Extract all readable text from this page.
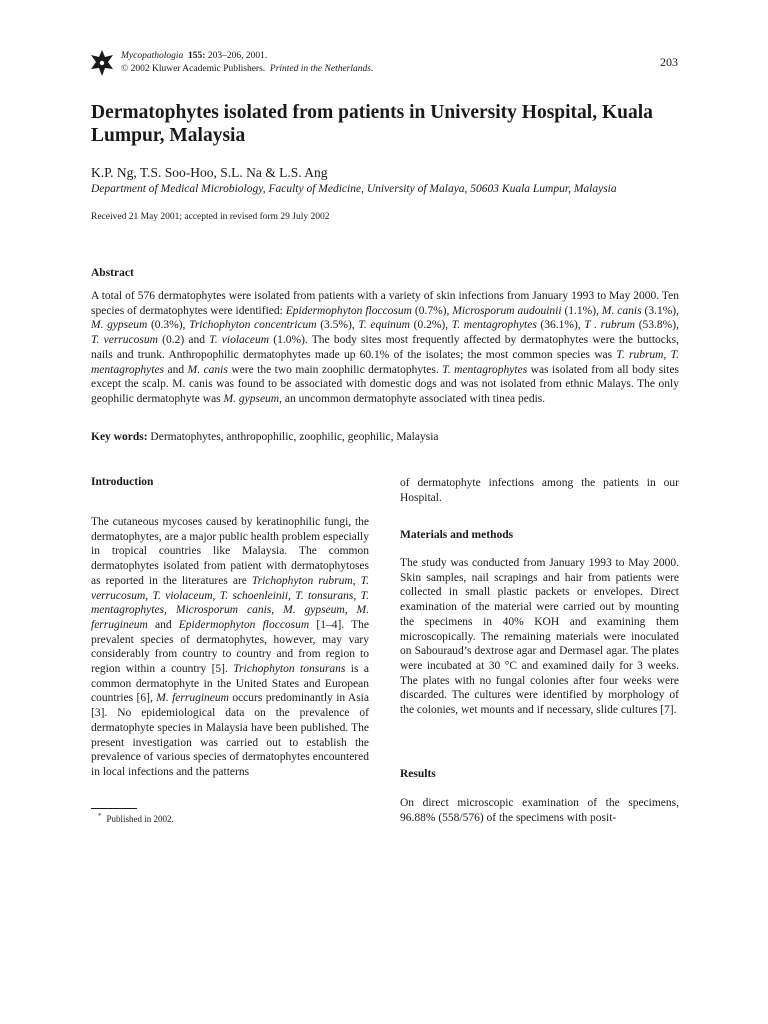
Mycopathologia 155: 203–206, 2001.
© 2002 Kluwer Academic Publishers. Printed in the Netherlands.	203
Dermatophytes isolated from patients in University Hospital, Kuala Lumpur, Malaysia
K.P. Ng, T.S. Soo-Hoo, S.L. Na & L.S. Ang
Department of Medical Microbiology, Faculty of Medicine, University of Malaya, 50603 Kuala Lumpur, Malaysia
Received 21 May 2001; accepted in revised form 29 July 2002
Abstract
A total of 576 dermatophytes were isolated from patients with a variety of skin infections from January 1993 to May 2000. Ten species of dermatophytes were identified: Epidermophyton floccosum (0.7%), Microsporum audouinii (1.1%), M. canis (3.1%), M. gypseum (0.3%), Trichophyton concentricum (3.5%), T. equinum (0.2%), T. mentagrophytes (36.1%), T . rubrum (53.8%), T. verrucosum (0.2) and T. violaceum (1.0%). The body sites most frequently affected by dermatophytes were the buttocks, nails and trunk. Anthropophilic dermatophytes made up 60.1% of the isolates; the most common species was T. rubrum, T. mentagrophytes and M. canis were the two main zoophilic dermatophytes. T. mentagrophytes was isolated from all body sites except the scalp. M. canis was found to be associated with domestic dogs and was not isolated from ethnic Malays. The only geophilic dermatophyte was M. gypseum, an uncommon dermatophyte associated with tinea pedis.
Key words: Dermatophytes, anthropophilic, zoophilic, geophilic, Malaysia
Introduction
The cutaneous mycoses caused by keratinophilic fungi, the dermatophytes, are a major public health problem especially in tropical countries like Malaysia. The common dermatophytes isolated from patient with dermatophytoses as reported in the literatures are Trichophyton rubrum, T. verrucosum, T. violaceum, T. schoenleinii, T. tonsurans, T. mentagrophytes, Microsporum canis, M. gypseum, M. ferrugineum and Epidermophyton floccosum [1–4]. The prevalent species of dermatophytes, however, may vary considerably from country to country and from region to region within a country [5]. Trichophyton tonsurans is a common dermatophyte in the United States and European countries [6], M. ferrugineum occurs predominantly in Asia [3]. No epidemiological data on the prevalence of dermatophyte species in Malaysia have been published. The present investigation was carried out to establish the prevalence of various species of dermatophytes encountered in local infections and the patterns
* Published in 2002.
of dermatophyte infections among the patients in our Hospital.
Materials and methods
The study was conducted from January 1993 to May 2000. Skin samples, nail scrapings and hair from patients were collected in small plastic packets or envelopes. Direct examination of the material were carried out by mounting the specimens in 40% KOH and examining them microscopically. The remaining materials were inoculated on Sabouraud’s dextrose agar and Dermasel agar. The plates were incubated at 30 °C and examined daily for 3 weeks. The plates with no fungal colonies after four weeks were discarded. The cultures were identified by morphology of the colonies, wet mounts and if necessary, slide cultures [7].
Results
On direct microscopic examination of the specimens, 96.88% (558/576) of the specimens with posit-
